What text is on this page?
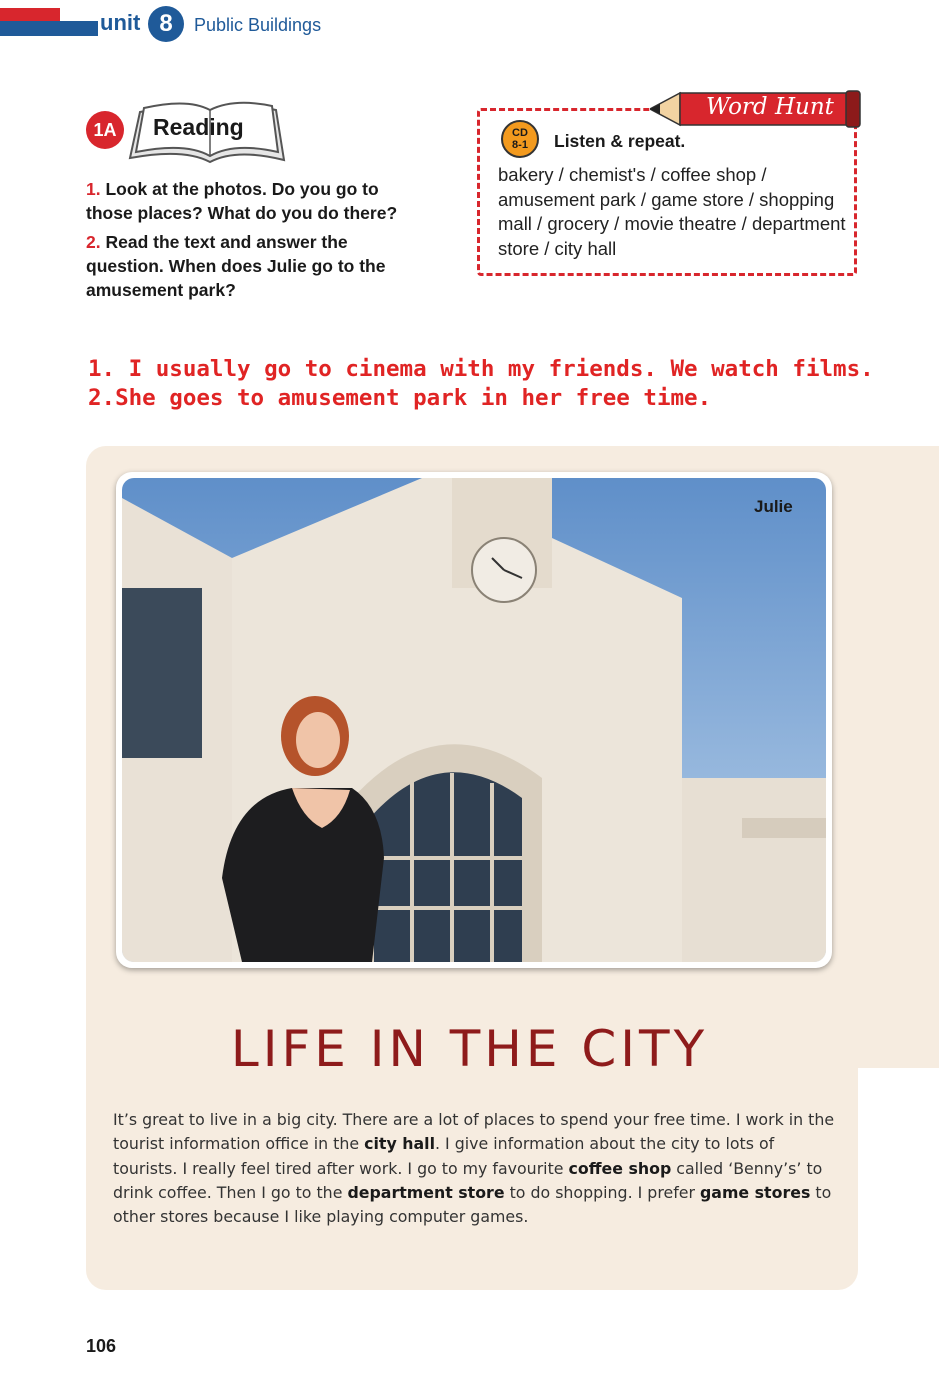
unit 8	Public Buildings
1A	Reading
1. Look at the photos. Do you go to those places? What do you do there?
2. Read the text and answer the question. When does Julie go to the amusement park?
Word Hunt
CD
8-1	Listen & repeat.
bakery / chemist's / coffee shop / amusement park / game store / shopping mall / grocery / movie theatre / department store / city hall
1. I usually go to cinema with my friends. We watch films.
2.She goes to amusement park in her free time.
Julie
LIFE IN THE CITY
It’s great to live in a big city. There are a lot of places to spend your free time. I work in the tourist information office in the city hall. I give information about the city to lots of tourists. I really feel tired after work. I go to my favourite coffee shop called ‘Benny’s’ to drink coffee. Then I go to the department store to do shopping. I prefer game stores to other stores because I like playing computer games.
106
